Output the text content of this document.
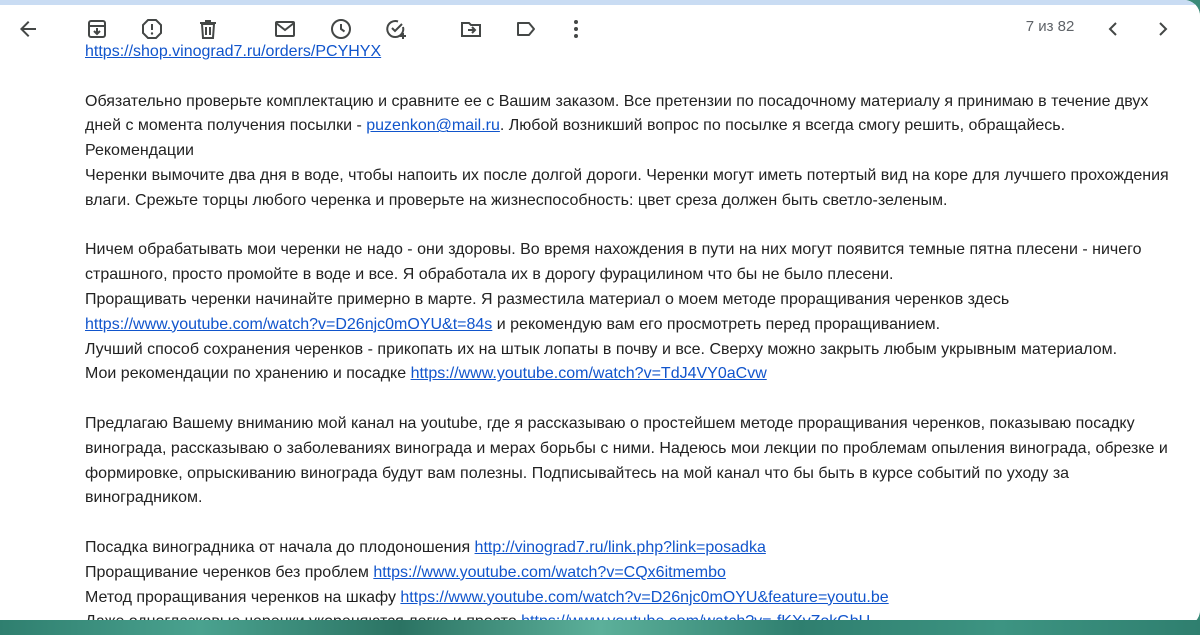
7 из 82

https://shop.vinograd7.ru/orders/PCYHYX

Обязательно проверьте комплектацию и сравните ее с Вашим заказом. Все претензии по посадочному материалу я принимаю в течение двух дней с момента получения посылки - puzenkon@mail.ru. Любой возникший вопрос по посылке я всегда смогу решить, обращайесь.

Рекомендации

Черенки вымочите два дня в воде, чтобы напоить их после долгой дороги. Черенки могут иметь потертый вид на коре для лучшего прохождения влаги. Срежьте торцы любого черенка и проверьте на жизнеспособность: цвет среза должен быть светло-зеленым.

Ничем обрабатывать мои черенки не надо - они здоровы. Во время нахождения в пути на них могут появится темные пятна плесени - ничего страшного, просто промойте в воде и все. Я обработала их в дорогу фурацилином что бы не было плесени.

Проращивать черенки начинайте примерно в марте. Я разместила материал о моем методе проращивания черенков здесь https://www.youtube.com/watch?v=D26njc0mOYU&t=84s и рекомендую вам его просмотреть перед проращиванием.

Лучший способ сохранения черенков - прикопать их на штык лопаты в почву и все. Сверху можно закрыть любым укрывным материалом.

Мои рекомендации по хранению и посадке https://www.youtube.com/watch?v=TdJ4VY0aCvw

Предлагаю Вашему вниманию мой канал на youtube, где я рассказываю о простейшем методе проращивания черенков, показываю посадку винограда, рассказываю о заболеваниях винограда и мерах борьбы с ними. Надеюсь мои лекции по проблемам опыления винограда, обрезке и формировке, опрыскиванию винограда будут вам полезны. Подписывайтесь на мой канал что бы быть в курсе событий по уходу за виноградником.

Посадка виноградника от начала до плодоношения http://vinograd7.ru/link.php?link=posadka

Проращивание черенков без проблем https://www.youtube.com/watch?v=CQx6itmembo

Метод проращивания черенков на шкафу https://www.youtube.com/watch?v=D26njc0mOYU&feature=youtu.be
